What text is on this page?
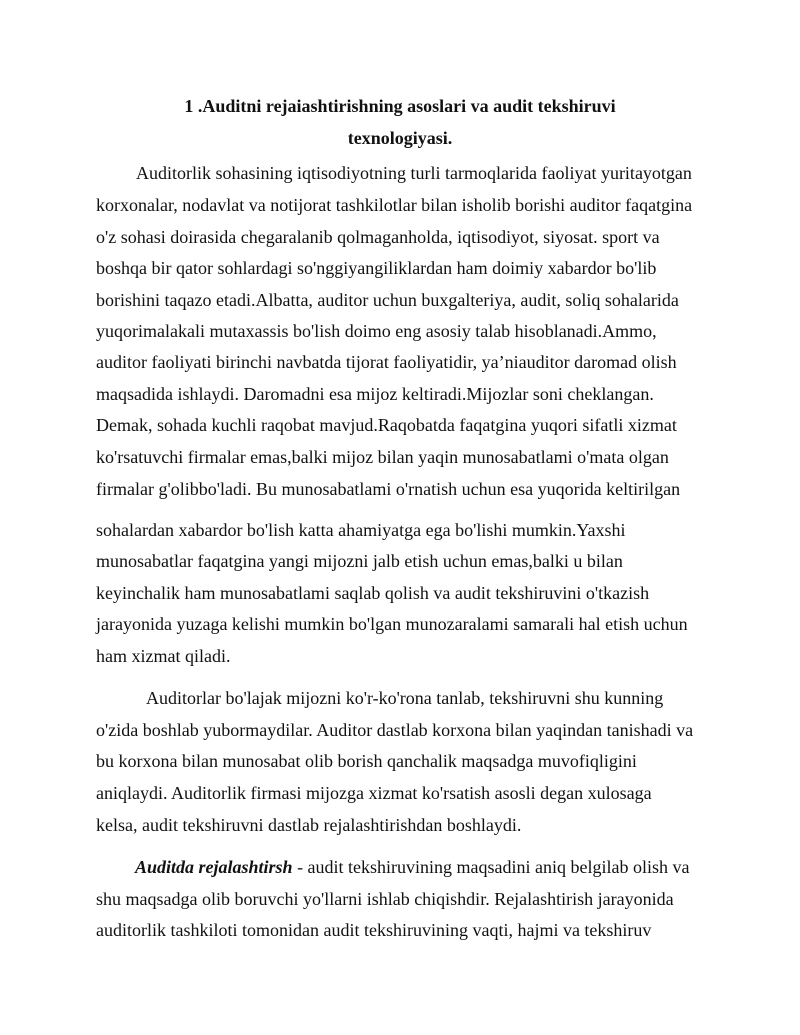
1 .Auditni rejaiashtirishning asoslari va audit tekshiruvi

texnologiyasi.

Auditorlik sohasining iqtisodiyotning turli tarmoqlarida faoliyat yuritayotgan

korxonalar, nodavlat va notijorat tashkilotlar bilan isholib borishi auditor faqatgina

o'z sohasi doirasida chegaralanib qolmaganholda, iqtisodiyot, siyosat. sport va

boshqa bir qator sohlardagi so'nggiyangiliklardan ham doimiy xabardor bo'lib

borishini taqazo etadi.Albatta, auditor uchun buxgalteriya, audit, soliq sohalarida

yuqorimalakali mutaxassis bo'lish doimo eng asosiy talab hisoblanadi.Ammo,

auditor faoliyati birinchi navbatda tijorat faoliyatidir, ya’niauditor daromad olish

maqsadida ishlaydi. Daromadni esa mijoz keltiradi.Mijozlar soni cheklangan.

Demak, sohada kuchli raqobat mavjud.Raqobatda faqatgina yuqori sifatli xizmat

ko'rsatuvchi firmalar emas,balki mijoz bilan yaqin munosabatlami o'mata olgan

firmalar g'olibbo'ladi. Bu munosabatlami o'rnatish uchun esa yuqorida keltirilgan

sohalardan xabardor bo'lish katta ahamiyatga ega bo'lishi mumkin.Yaxshi

munosabatlar faqatgina yangi mijozni jalb etish uchun emas,balki u bilan

keyinchalik ham munosabatlami saqlab qolish va audit tekshiruvini o'tkazish

jarayonida yuzaga kelishi mumkin bo'lgan munozaralami samarali hal etish uchun

ham xizmat qiladi.

Auditorlar bo'lajak mijozni ko'r-ko'rona tanlab, tekshiruvni shu kunning

o'zida boshlab yubormaydilar. Auditor dastlab korxona bilan yaqindan tanishadi va

bu korxona bilan munosabat olib borish qanchalik maqsadga muvofiqligini

aniqlaydi. Auditorlik firmasi mijozga xizmat ko'rsatish asosli degan xulosaga

kelsa, audit tekshiruvni dastlab rejalashtirishdan boshlaydi.

Auditda rejalashtirsh - audit tekshiruvining maqsadini aniq belgilab olish va

shu maqsadga olib boruvchi yo'llarni ishlab chiqishdir. Rejalashtirish jarayonida

auditorlik tashkiloti tomonidan audit tekshiruvining vaqti, hajmi va tekshiruv
